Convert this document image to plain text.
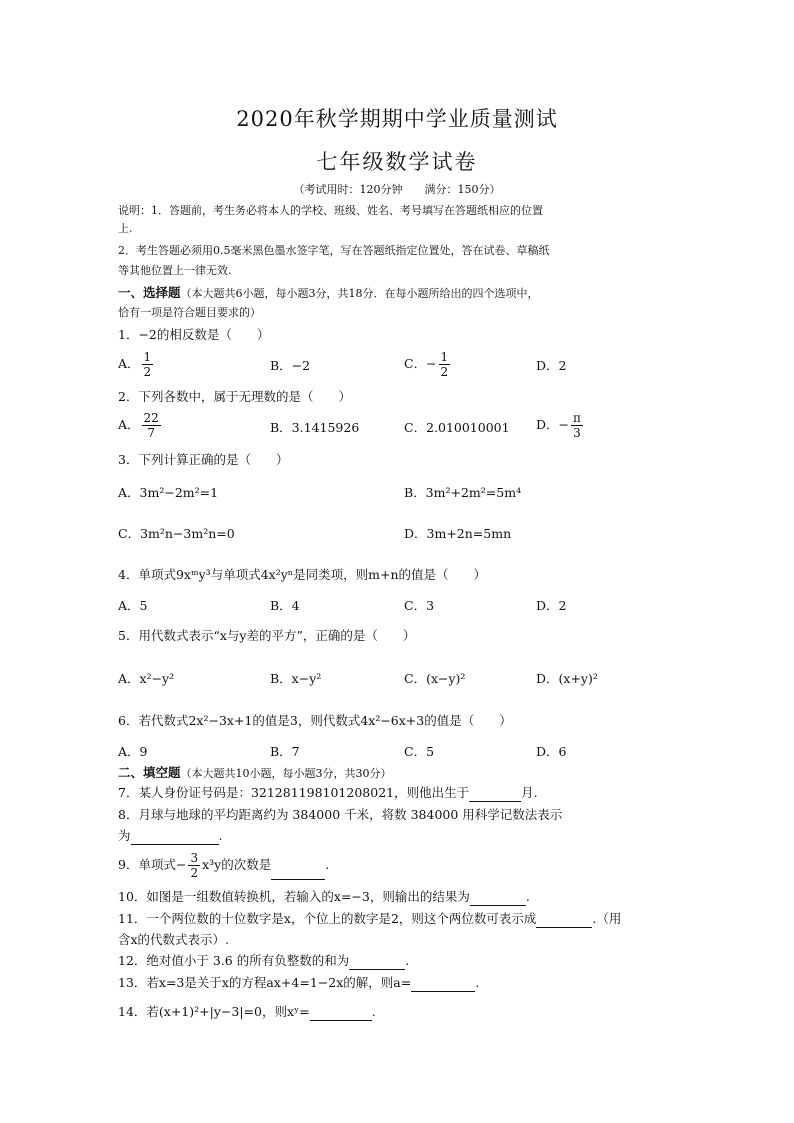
2020年秋学期期中学业质量测试
七年级数学试卷
（考试用时：120分钟　　满分：150分）
说明：1．答题前，考生务必将本人的学校、班级、姓名、考号填写在答题纸相应的位置
上.
2．考生答题必须用0.5毫米黑色墨水签字笔，写在答题纸指定位置处，答在试卷、草稿纸
等其他位置上一律无效.
一、选择题（本大题共6小题，每小题3分，共18分．在每小题所给出的四个选项中，
恰有一项是符合题目要求的）
1．−2的相反数是（　　）
A． $\frac{1}{2}$	B．−2	C．− $\frac{1}{2}$	D．2
2．下列各数中，属于无理数的是（　　）
A． $\frac{22}{7}$	B．3.1415926	C．2.010010001 D．− $\frac{\pi}{3}$
3．下列计算正确的是（　　）
A．3m²−2m²=1	B．3m²+2m²=5m⁴
C．3m²n−3m²n=0	D．3m+2n=5mn
4．单项式9xᵐy³与单项式4x²yⁿ是同类项，则m+n的值是（　　）
A．5	B．4	C．3	D．2
5．用代数式表示“x与y差的平方”，正确的是（　　）
A．x²−y²	B．x−y²	C．(x−y)²	D．(x+y)²
6．若代数式2x²−3x+1的值是3，则代数式4x²−6x+3的值是（　　）
A．9	B．7	C．5	D．6
二、填空题（本大题共10小题，每小题3分，共30分）
7．某人身份证号码是：321281198101208021，则他出生于	月.
8．月球与地球的平均距离约为 384000 千米，将数 384000 用科学记数法表示
为	.
9．单项式− $\frac{3}{2} x^3y$的次数是	.
10．如图是一组数值转换机，若输入的x=−3，则输出的结果为	.
11．一个两位数的十位数字是x，个位上的数字是2，则这个两位数可表示成	.（用
含x的代数式表示）.
12．绝对值小于 3.6 的所有负整数的和为	.
13．若x=3是关于x的方程ax+4=1−2x的解，则a=	.
14．若(x+1)²+|y−3|=0，则xʸ=	.
